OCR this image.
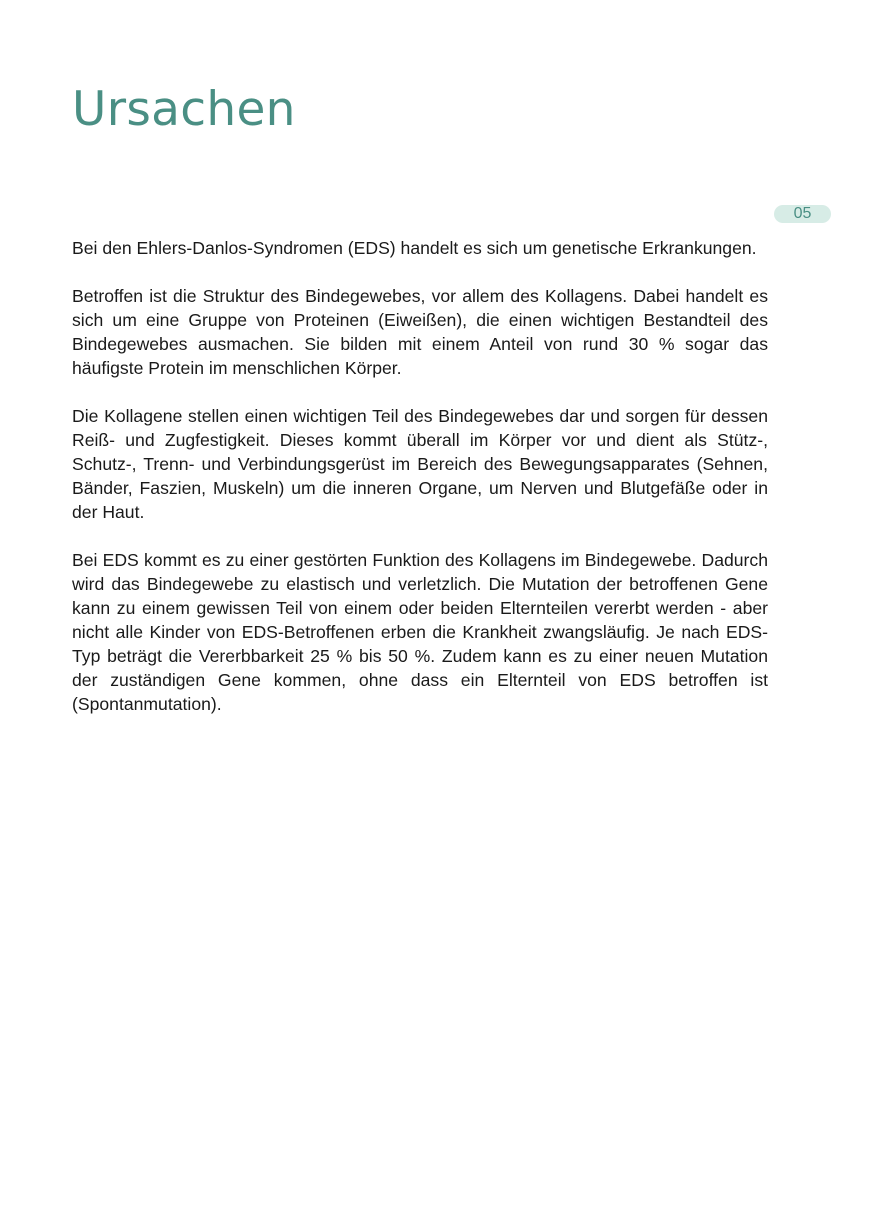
Ursachen
05

Bei den Ehlers-Danlos-Syndromen (EDS) handelt es sich um genetische Erkrankungen.

Betroffen ist die Struktur des Bindegewebes, vor allem des Kollagens. Dabei handelt es sich um eine Gruppe von Proteinen (Eiweißen), die einen wichtigen Bestandteil des Bindegewebes ausmachen. Sie bilden mit einem Anteil von rund 30 % sogar das häufigste Protein im menschlichen Körper.

Die Kollagene stellen einen wichtigen Teil des Bindegewebes dar und sorgen für dessen Reiß- und Zugfestigkeit. Dieses kommt überall im Körper vor und dient als Stütz-, Schutz-, Trenn- und Verbindungsgerüst im Bereich des Bewegungsapparates (Sehnen, Bänder, Faszien, Muskeln) um die inneren Organe, um Nerven und Blutgefäße oder in der Haut.

Bei EDS kommt es zu einer gestörten Funktion des Kollagens im Bindegewebe. Dadurch wird das Bindegewebe zu elastisch und verletzlich. Die Mutation der betroffenen Gene kann zu einem gewissen Teil von einem oder beiden Elternteilen vererbt werden - aber nicht alle Kinder von EDS-Betroffenen erben die Krankheit zwangsläufig. Je nach EDS-Typ beträgt die Vererbbarkeit 25 % bis 50 %. Zudem kann es zu einer neuen Mutation der zuständigen Gene kommen, ohne dass ein Elternteil von EDS betroffen ist (Spontanmutation).
